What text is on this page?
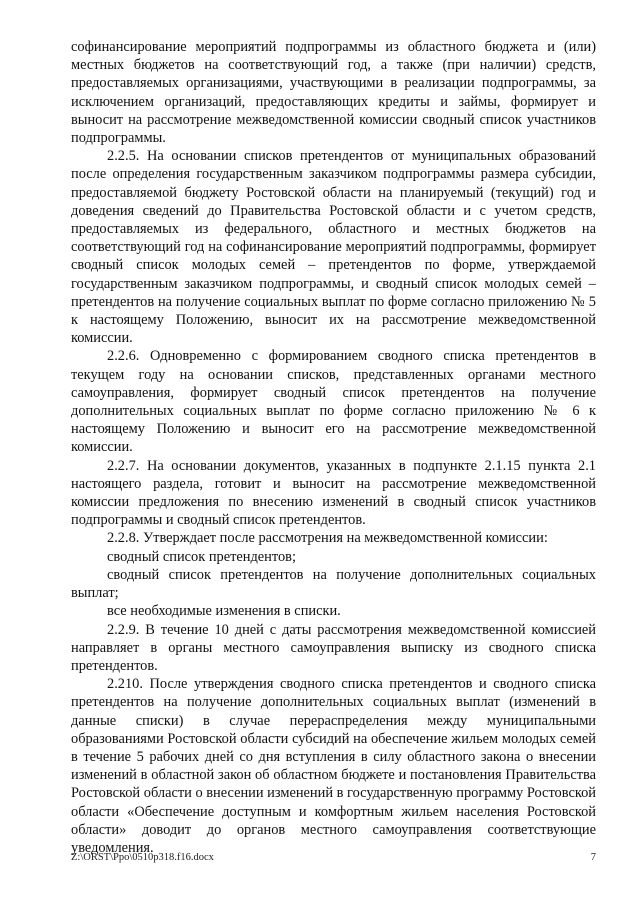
софинансирование мероприятий подпрограммы из областного бюджета и (или) местных бюджетов на соответствующий год, а также (при наличии) средств, предоставляемых организациями, участвующими в реализации подпрограммы, за исключением организаций, предоставляющих кредиты и займы, формирует и выносит на рассмотрение межведомственной комиссии сводный список участников подпрограммы.

2.2.5. На основании списков претендентов от муниципальных образований после определения государственным заказчиком подпрограммы размера субсидии, предоставляемой бюджету Ростовской области на планируемый (текущий) год и доведения сведений до Правительства Ростовской области и с учетом средств, предоставляемых из федерального, областного и местных бюджетов на соответствующий год на софинансирование мероприятий подпрограммы, формирует сводный список молодых семей – претендентов по форме, утверждаемой государственным заказчиком подпрограммы, и сводный список молодых семей – претендентов на получение социальных выплат по форме согласно приложению № 5 к настоящему Положению, выносит их на рассмотрение межведомственной комиссии.

2.2.6. Одновременно с формированием сводного списка претендентов в текущем году на основании списков, представленных органами местного самоуправления, формирует сводный список претендентов на получение дополнительных социальных выплат по форме согласно приложению № 6 к настоящему Положению и выносит его на рассмотрение межведомственной комиссии.

2.2.7. На основании документов, указанных в подпункте 2.1.15 пункта 2.1 настоящего раздела, готовит и выносит на рассмотрение межведомственной комиссии предложения по внесению изменений в сводный список участников подпрограммы и сводный список претендентов.

2.2.8. Утверждает после рассмотрения на межведомственной комиссии:

сводный список претендентов;

сводный список претендентов на получение дополнительных социальных выплат;

все необходимые изменения в списки.

2.2.9. В течение 10 дней с даты рассмотрения межведомственной комиссией направляет в органы местного самоуправления выписку из сводного списка претендентов.

2.210. После утверждения сводного списка претендентов и сводного списка претендентов на получение дополнительных социальных выплат (изменений в данные списки) в случае перераспределения между муниципальными образованиями Ростовской области субсидий на обеспечение жильем молодых семей в течение 5 рабочих дней со дня вступления в силу областного закона о внесении изменений в областной закон об областном бюджете и постановления Правительства Ростовской области о внесении изменений в государственную программу Ростовской области «Обеспечение доступным и комфортным жильем населения Ростовской области» доводит до органов местного самоуправления соответствующие уведомления.

Z:\ORST\Ppo\0510p318.f16.docx	7
